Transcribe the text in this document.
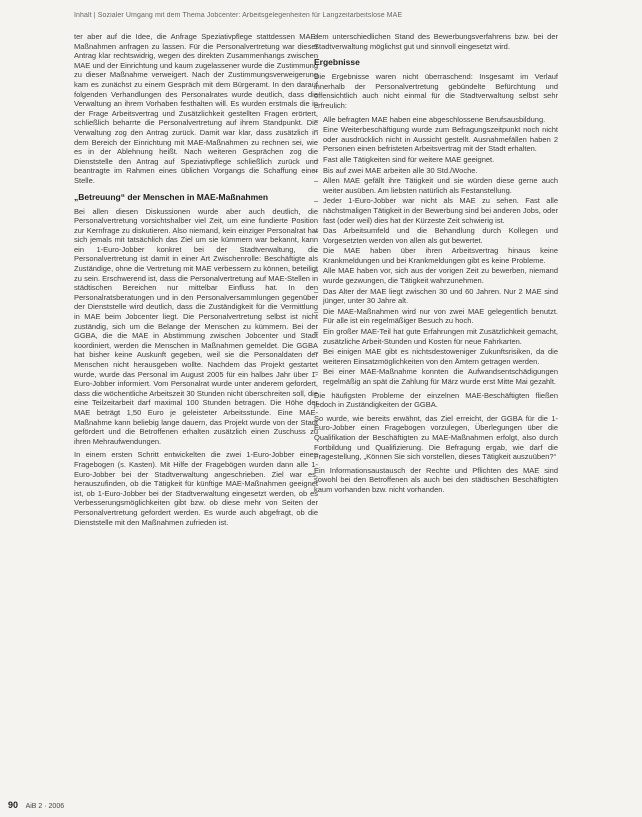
Inhalt | Sozialer Umgang mit dem Thema Jobcenter: Arbeitsgelegenheiten für Langzeitarbeitslose MAE

ter aber auf die Idee, die Anfrage Speziativpflege stattdessen MAE-Maßnahmen anfragen zu lassen. Für die Personalvertretung war dieser Antrag klar rechtswidrig, wegen des direkten Zusammenhangs zwischen MAE und der Einrichtung und kaum zugelassener wurde die Zustimmung zu dieser Maßnahme verweigert. Nach der Zustimmungsverweigerung kam es zunächst zu einem Gespräch mit dem Bürgeramt. In den darauf folgenden Verhandlungen des Personalrates wurde deutlich, dass die Verwaltung an ihrem Vorhaben festhalten will. Es wurden erstmals die in der Frage Arbeitsvertrag und Zusätzlichkeit gestellten Fragen erörtert, schließlich beharrte die Personalvertretung auf ihrem Standpunkt. Die Verwaltung zog den Antrag zurück. Damit war klar, dass zusätzlich in dem Bereich der Einrichtung mit MAE-Maßnahmen zu rechnen sei, wie es in der Ablehnung heißt. Nach weiteren Gesprächen zog die Dienststelle den Antrag auf Speziativpflege schließlich zurück und beantragte im Rahmen eines üblichen Vorgangs die Schaffung einer Stelle.

„Betreuung“ der Menschen in MAE-Maßnahmen

Bei allen diesen Diskussionen wurde aber auch deutlich, die Personalvertretung vorsichtshalber viel Zeit, um eine fundierte Position zur Kernfrage zu diskutieren. Also niemand, kein einziger Personalrat hat sich jemals mit tatsächlich das Ziel um sie kümmern war bekannt, kann ein 1-Euro-Jobber konkret bei der Stadtverwaltung, die Personalvertretung ist damit in einer Art Zwischenrolle: Beschäftigte als Zuständige, ohne die Vertretung mit MAE verbessern zu können, beteiligt zu sein. Erschwerend ist, dass die Personalvertretung auf MAE-Stellen in städtischen Bereichen nur mittelbar Einfluss hat. In den Personalratsberatungen und in den Personalversammlungen gegenüber der Dienststelle wird deutlich, dass die Zuständigkeit für die Vermittlung in MAE beim Jobcenter liegt. Die Personalvertretung selbst ist nicht zuständig, sich um die Belange der Menschen zu kümmern. Bei der GGBA, die die MAE in Abstimmung zwischen Jobcenter und Stadt koordiniert, werden die Menschen in Maßnahmen gemeldet. Die GGBA hat bisher keine Auskunft gegeben, weil sie die Personaldaten der Menschen nicht herausgeben wollte. Nachdem das Projekt gestartet wurde, wurde das Personal im August 2005 für ein halbes Jahr über 1-Euro-Jobber informiert. Vom Personalrat wurde unter anderem gefordert, dass die wöchentliche Arbeitszeit 30 Stunden nicht überschreiten soll, die eine Teilzeitarbeit darf maximal 100 Stunden betragen. Die Höhe der MAE beträgt 1,50 Euro je geleisteter Arbeitsstunde. Eine MAE-Maßnahme kann beliebig lange dauern, das Projekt wurde von der Stadt gefördert und die Betroffenen erhalten zusätzlich einen Zuschuss zu ihren Mehraufwendungen.

In einem ersten Schritt entwickelten die zwei 1-Euro-Jobber einen Fragebogen (s. Kasten). Mit Hilfe der Fragebögen wurden dann alle 1-Euro-Jobber bei der Stadtverwaltung angeschrieben. Ziel war es, herauszufinden, ob die Tätigkeit für künftige MAE-Maßnahmen geeignet ist, ob 1-Euro-Jobber bei der Stadtverwaltung eingesetzt werden, ob es Verbesserungsmöglichkeiten gibt bzw. ob diese mehr von Seiten der Personalvertretung gefordert werden. Es wurde auch abgefragt, ob die Dienststelle mit den Maßnahmen zufrieden ist.

dem unterschiedlichen Stand des Bewerbungsverfahrens bzw. bei der Stadtverwaltung möglichst gut und sinnvoll eingesetzt wird.

Ergebnisse

Die Ergebnisse waren nicht überraschend: Insgesamt im Verlauf innerhalb der Personalvertretung gebündelte Befürchtung und offensichtlich auch nicht einmal für die Stadtverwaltung selbst sehr erfreulich:

– Alle befragten MAE haben eine abgeschlossene Berufsausbildung.
– Eine Weiterbeschäftigung wurde zum Befragungszeitpunkt noch nicht oder ausdrücklich nicht in Aussicht gestellt. Ausnahmefällen haben 2 Personen einen befristeten Arbeitsvertrag mit der Stadt erhalten.
– Fast alle Tätigkeiten sind für weitere MAE geeignet.
– Bis auf zwei MAE arbeiten alle 30 Std./Woche.
– Allen MAE gefällt ihre Tätigkeit und sie würden diese gerne auch weiter ausüben. Am liebsten natürlich als Festanstellung.
– Jeder 1-Euro-Jobber war nicht als MAE zu sehen. Fast alle nächstmaligen Tätigkeit in der Bewerbung sind bei anderen Jobs, oder fast (oder weil) dies hat der Kürzeste Zeit schwierig ist.
– Das Arbeitsumfeld und die Behandlung durch Kollegen und Vorgesetzten werden von allen als gut bewertet.
– Die MAE haben über ihren Arbeitsvertrag hinaus keine Krankmeldungen und bei Krankmeldungen gibt es keine Probleme.
– Alle MAE haben vor, sich aus der vorigen Zeit zu bewerben, niemand wurde gezwungen, die Tätigkeit wahrzunehmen.
– Das Alter der MAE liegt zwischen 30 und 60 Jahren. Nur 2 MAE sind jünger, unter 30 Jahre alt.
– Die MAE-Maßnahmen wird nur von zwei MAE gelegentlich benutzt. Für alle ist ein regelmäßiger Besuch zu hoch.
– Ein großer MAE-Teil hat gute Erfahrungen mit Zusätzlichkeit gemacht, zusätzliche Arbeit-Stunden und Kosten für neue Fahrkarten.
– Bei einigen MAE gibt es nichtsdestoweniger Zukunftsrisiken, da die weiteren Einsatzmöglichkeiten von den Ämtern getragen werden.
– Bei einer MAE-Maßnahme konnten die Aufwandsentschädigungen regelmäßig an spät die Zahlung für März wurde erst Mitte Mai gezahlt.

Die häufigsten Probleme der einzelnen MAE-Beschäftigten fließen jedoch in Zuständigkeiten der GGBA.

So wurde, wie bereits erwähnt, das Ziel erreicht, der GGBA für die 1-Euro-Jobber einen Fragebogen vorzulegen, Überlegungen über die Qualifikation der Beschäftigten zu MAE-Maßnahmen erfolgt, also durch Fortbildung und Qualifizierung. Die Befragung ergab, wie darf die Fragestellung, „Können Sie sich vorstellen, dieses Tätigkeit auszuüben?“

Ein Informationsaustausch der Rechte und Pflichten des MAE sind sowohl bei den Betroffenen als auch bei den städtischen Beschäftigten kaum vorhanden bzw. nicht vorhanden.

90 AiB 2 · 2006
